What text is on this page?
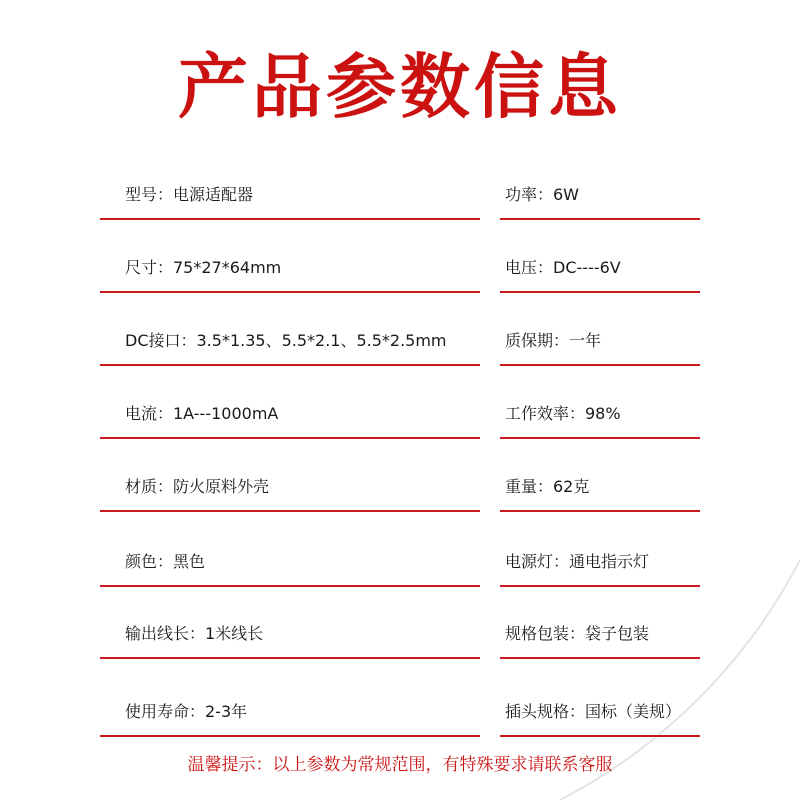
产品参数信息
型号：电源适配器	功率：6W
尺寸：75*27*64mm	电压：DC----6V
DC接口：3.5*1.35、5.5*2.1、5.5*2.5mm	质保期：一年
电流：1A---1000mA	工作效率：98%
材质：防火原料外壳	重量：62克
颜色：黑色	电源灯：通电指示灯
输出线长：1米线长	规格包装：袋子包装
使用寿命：2-3年	插头规格：国标（美规）
温馨提示：以上参数为常规范围，有特殊要求请联系客服
